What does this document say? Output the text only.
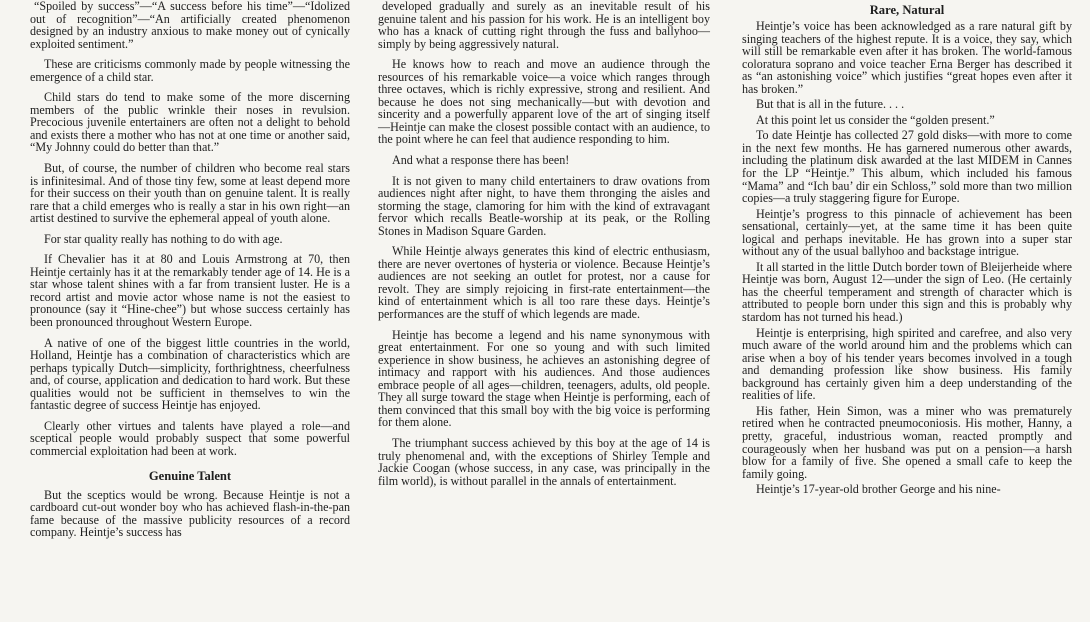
“Spoiled by success”—“A success before his time”—“Idolized out of recognition”—“An artificially created phenomenon designed by an industry anxious to make money out of cynically exploited sentiment.”

These are criticisms commonly made by people witnessing the emergence of a child star.

Child stars do tend to make some of the more discerning members of the public wrinkle their noses in revulsion. Precocious juvenile entertainers are often not a delight to behold and exists there a mother who has not at one time or another said, “My Johnny could do better than that.”

But, of course, the number of children who become real stars is infinitesimal. And of those tiny few, some at least depend more for their success on their youth than on genuine talent. It is really rare that a child emerges who is really a star in his own right—an artist destined to survive the ephemeral appeal of youth alone.

For star quality really has nothing to do with age.

If Chevalier has it at 80 and Louis Armstrong at 70, then Heintje certainly has it at the remarkably tender age of 14. He is a star whose talent shines with a far from transient luster. He is a record artist and movie actor whose name is not the easiest to pronounce (say it “Hine-chee”) but whose success certainly has been pronounced throughout Western Europe.

A native of one of the biggest little countries in the world, Holland, Heintje has a combination of characteristics which are perhaps typically Dutch—simplicity, forthrightness, cheerfulness and, of course, application and dedication to hard work. But these qualities would not be sufficient in themselves to win the fantastic degree of success Heintje has enjoyed.

Clearly other virtues and talents have played a role—and sceptical people would probably suspect that some powerful commercial exploitation had been at work.

Genuine Talent

But the sceptics would be wrong. Because Heintje is not a cardboard cut-out wonder boy who has achieved flash-in-the-pan fame because of the massive publicity resources of a record company. Heintje’s success has

developed gradually and surely as an inevitable result of his genuine talent and his passion for his work. He is an intelligent boy who has a knack of cutting right through the fuss and ballyhoo—simply by being aggressively natural.

He knows how to reach and move an audience through the resources of his remarkable voice—a voice which ranges through three octaves, which is richly expressive, strong and resilient. And because he does not sing mechanically—but with devotion and sincerity and a powerfully apparent love of the art of singing itself—Heintje can make the closest possible contact with an audience, to the point where he can feel that audience responding to him.

And what a response there has been!

It is not given to many child entertainers to draw ovations from audiences night after night, to have them thronging the aisles and storming the stage, clamoring for him with the kind of extravagant fervor which recalls Beatle-worship at its peak, or the Rolling Stones in Madison Square Garden.

While Heintje always generates this kind of electric enthusiasm, there are never overtones of hysteria or violence. Because Heintje’s audiences are not seeking an outlet for protest, nor a cause for revolt. They are simply rejoicing in first-rate entertainment—the kind of entertainment which is all too rare these days. Heintje’s performances are the stuff of which legends are made.

Heintje has become a legend and his name synonymous with great entertainment. For one so young and with such limited experience in show business, he achieves an astonishing degree of intimacy and rapport with his audiences. And those audiences embrace people of all ages—children, teenagers, adults, old people. They all surge toward the stage when Heintje is performing, each of them convinced that this small boy with the big voice is performing for them alone.

The triumphant success achieved by this boy at the age of 14 is truly phenomenal and, with the exceptions of Shirley Temple and Jackie Coogan (whose success, in any case, was principally in the film world), is without parallel in the annals of entertainment.

Rare, Natural

Heintje’s voice has been acknowledged as a rare natural gift by singing teachers of the highest repute. It is a voice, they say, which will still be remarkable even after it has broken. The world-famous coloratura soprano and voice teacher Erna Berger has described it as “an astonishing voice” which justifies “great hopes even after it has broken.”

But that is all in the future. . . .

At this point let us consider the “golden present.”

To date Heintje has collected 27 gold disks—with more to come in the next few months. He has garnered numerous other awards, including the platinum disk awarded at the last MIDEM in Cannes for the LP “Heintje.” This album, which included his famous “Mama” and “Ich bau’ dir ein Schloss,” sold more than two million copies—a truly staggering figure for Europe.

Heintje’s progress to this pinnacle of achievement has been sensational, certainly—yet, at the same time it has been quite logical and perhaps inevitable. He has grown into a super star without any of the usual ballyhoo and backstage intrigue.

It all started in the little Dutch border town of Bleijerheide where Heintje was born, August 12—under the sign of Leo. (He certainly has the cheerful temperament and strength of character which is attributed to people born under this sign and this is probably why stardom has not turned his head.)

Heintje is enterprising, high spirited and carefree, and also very much aware of the world around him and the problems which can arise when a boy of his tender years becomes involved in a tough and demanding profession like show business. His family background has certainly given him a deep understanding of the realities of life.

His father, Hein Simon, was a miner who was prematurely retired when he contracted pneumoconiosis. His mother, Hanny, a pretty, graceful, industrious woman, reacted promptly and courageously when her husband was put on a pension—a harsh blow for a family of five. She opened a small cafe to keep the family going.

Heintje’s 17-year-old brother George and his nine-
